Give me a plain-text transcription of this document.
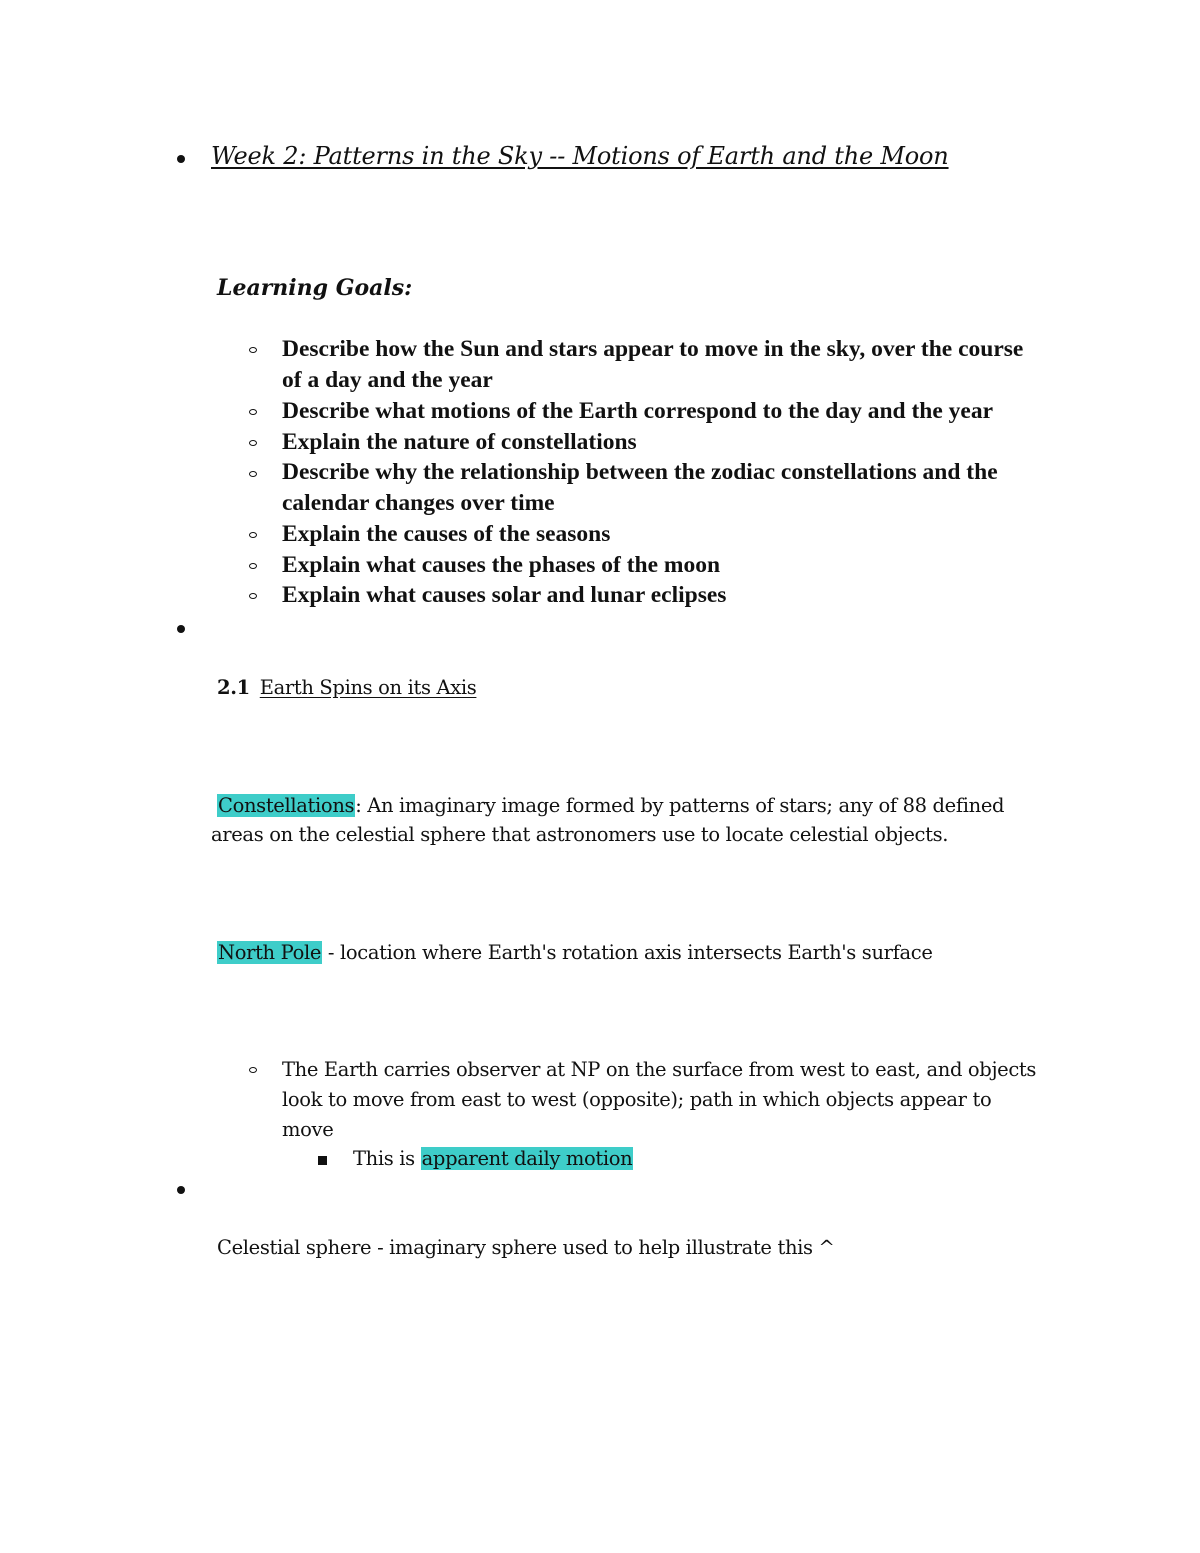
Week 2: Patterns in the Sky -- Motions of Earth and the Moon
Learning Goals:
Describe how the Sun and stars appear to move in the sky, over the course
of a day and the year
Describe what motions of the Earth correspond to the day and the year
Explain the nature of constellations
Describe why the relationship between the zodiac constellations and the
calendar changes over time
Explain the causes of the seasons
Explain what causes the phases of the moon
Explain what causes solar and lunar eclipses
2.1 Earth Spins on its Axis
Constellations: An imaginary image formed by patterns of stars; any of 88 defined
areas on the celestial sphere that astronomers use to locate celestial objects.
North Pole - location where Earth's rotation axis intersects Earth's surface
The Earth carries observer at NP on the surface from west to east, and objects
look to move from east to west (opposite); path in which objects appear to
move
This is apparent daily motion
Celestial sphere - imaginary sphere used to help illustrate this ^
